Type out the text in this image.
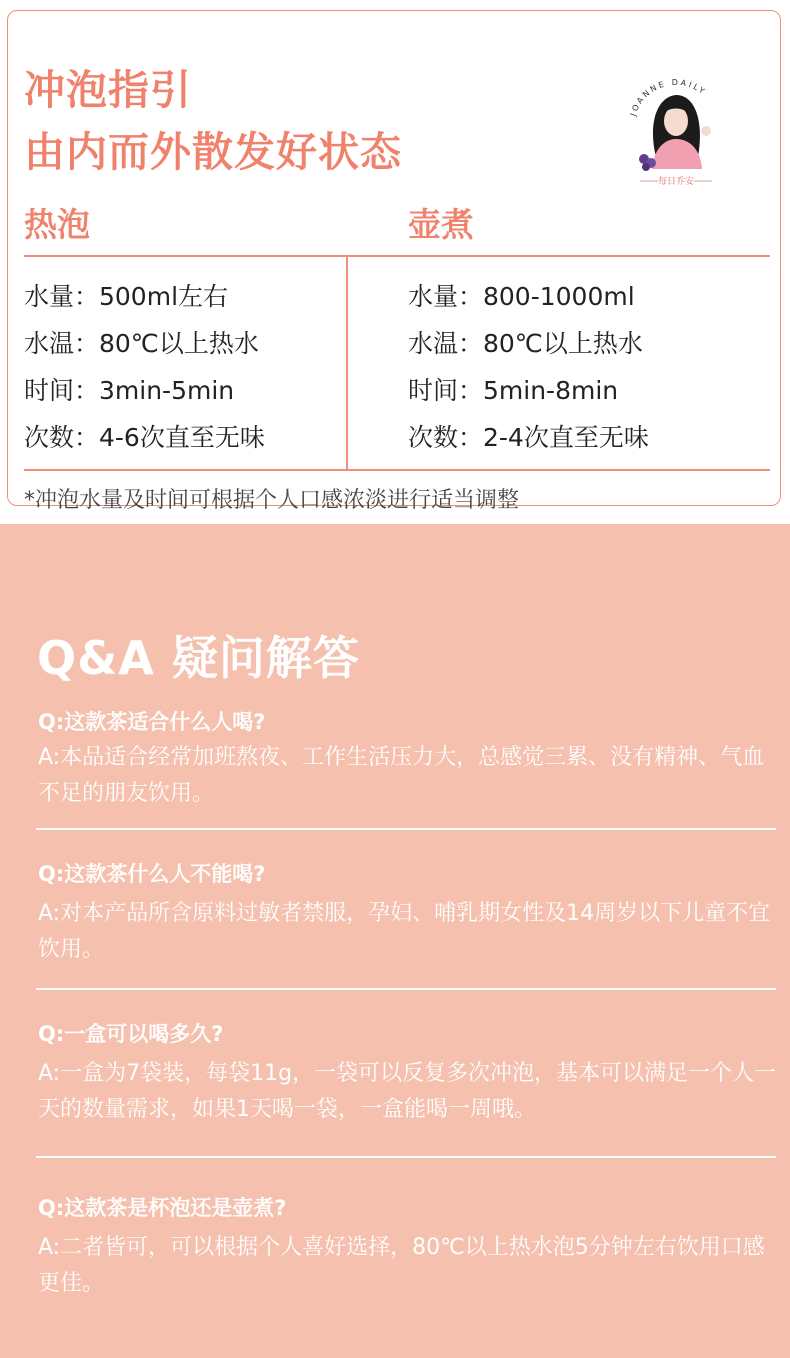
冲泡指引
由内而外散发好状态
JOANNE DAILY
每日乔安
热泡	壶煮
水量：500ml左右
水温：80℃以上热水
时间：3min-5min
次数：4-6次直至无味
水量：800-1000ml
水温：80℃以上热水
时间：5min-8min
次数：2-4次直至无味
*冲泡水量及时间可根据个人口感浓淡进行适当调整
Q&A 疑问解答
Q:这款茶适合什么人喝?
A:本品适合经常加班熬夜、工作生活压力大，总感觉三累、没有精神、气血不足的朋友饮用。
Q:这款茶什么人不能喝?
A:对本产品所含原料过敏者禁服，孕妇、哺乳期女性及14周岁以下儿童不宜饮用。
Q:一盒可以喝多久?
A:一盒为7袋装，每袋11g，一袋可以反复多次冲泡，基本可以满足一个人一天的数量需求，如果1天喝一袋，一盒能喝一周哦。
Q:这款茶是杯泡还是壶煮?
A:二者皆可，可以根据个人喜好选择，80℃以上热水泡5分钟左右饮用口感更佳。
